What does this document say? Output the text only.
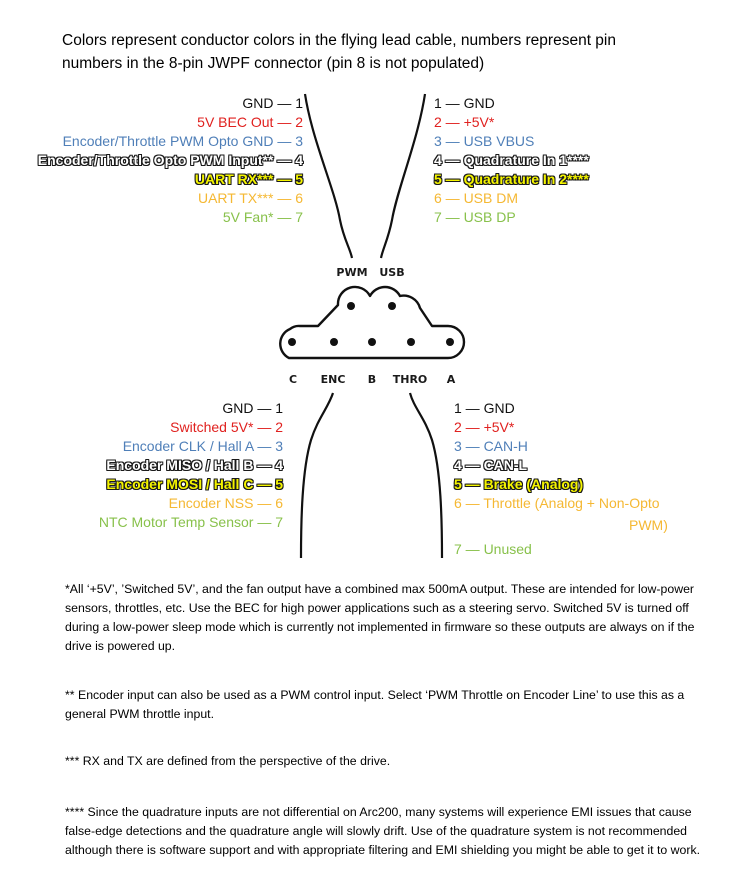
Colors represent conductor colors in the flying lead cable, numbers represent pin numbers in the 8-pin JWPF connector (pin 8 is not populated)
GND — 1
5V BEC Out — 2
Encoder/Throttle PWM Opto GND — 3
Encoder/Throttle Opto PWM Input** — 4
UART RX*** — 5
UART TX*** — 6
5V Fan* — 7
1 — GND
2 — +5V*
3 — USB VBUS
4 — Quadrature In 1****
5 — Quadrature In 2****
6 — USB DM
7 — USB DP
PWM USB
C ENC B THRO A
GND — 1
Switched 5V* — 2
Encoder CLK / Hall A — 3
Encoder MISO / Hall B — 4
Encoder MOSI / Hall C — 5
Encoder NSS — 6
NTC Motor Temp Sensor — 7
1 — GND
2 — +5V*
3 — CAN-H
4 — CAN-L
5 — Brake (Analog)
6 — Throttle (Analog + Non-Opto
PWM)
7 — Unused
*All ‘+5V’, ’Switched 5V’, and the fan output have a combined max 500mA output. These are intended for low-power sensors, throttles, etc. Use the BEC for high power applications such as a steering servo. Switched 5V is turned off during a low-power sleep mode which is currently not implemented in firmware so these outputs are always on if the drive is powered up.
** Encoder input can also be used as a PWM control input. Select ‘PWM Throttle on Encoder Line’ to use this as a general PWM throttle input.
*** RX and TX are defined from the perspective of the drive.
**** Since the quadrature inputs are not differential on Arc200, many systems will experience EMI issues that cause false-edge detections and the quadrature angle will slowly drift. Use of the quadrature system is not recommended although there is software support and with appropriate filtering and EMI shielding you might be able to get it to work.
